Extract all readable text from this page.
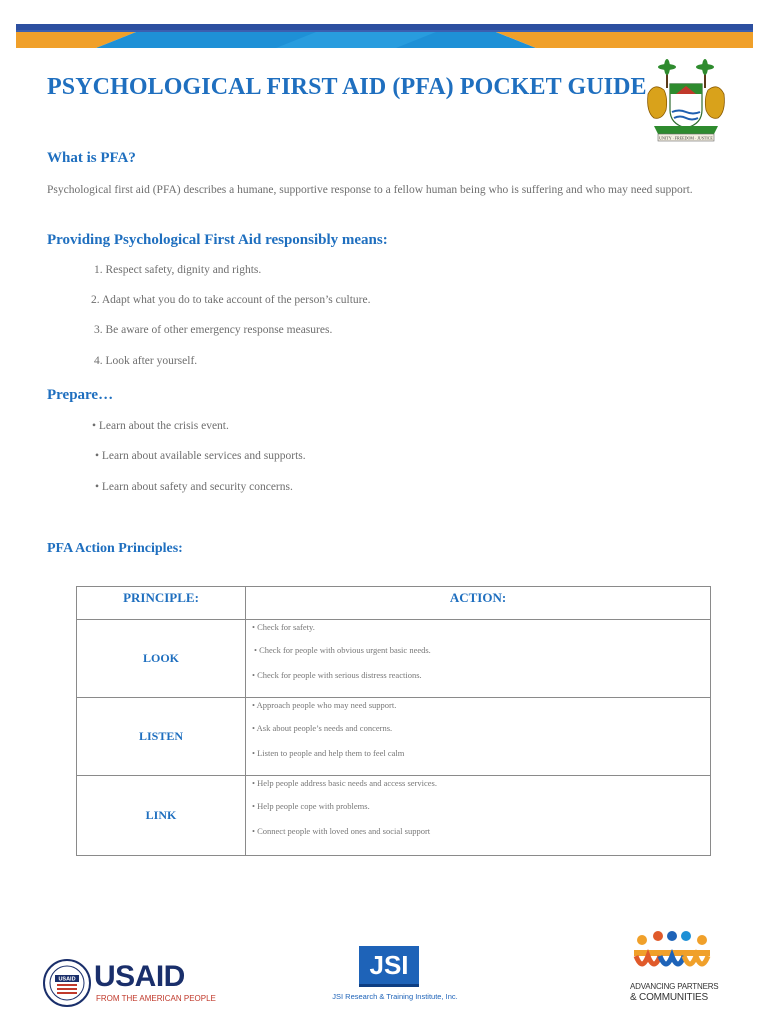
PSYCHOLOGICAL FIRST AID (PFA) POCKET GUIDE
UNITY · FREEDOM · JUSTICE
What is PFA?

Psychological first aid (PFA) describes a humane, supportive response to a fellow human being who is suffering and who may need support.

Providing Psychological First Aid responsibly means:

1. Respect safety, dignity and rights.

2. Adapt what you do to take account of the person’s culture.

3. Be aware of other emergency response measures.

4. Look after yourself.

Prepare…

• Learn about the crisis event.

• Learn about available services and supports.

• Learn about safety and security concerns.

PFA Action Principles:
PRINCIPLE:	ACTION:
LOOK	• Check for safety.

• Check for people with obvious urgent basic needs.

• Check for people with serious distress reactions.

LISTEN	• Approach people who may need support.

• Ask about people’s needs and concerns.

• Listen to people and help them to feel calm

LINK	• Help people address basic needs and access services.

• Help people cope with problems.

• Connect people with loved ones and social support

USAID USAID
FROM THE AMERICAN PEOPLE
JSI
JSI Research & Training Institute, Inc.
ADVANCING PARTNERS
& COMMUNITIES
